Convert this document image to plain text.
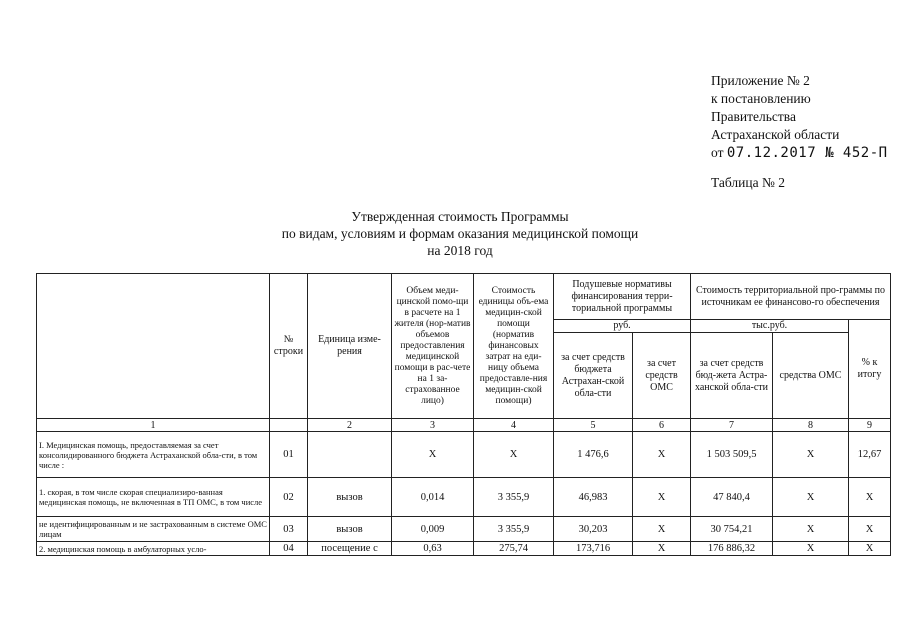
Приложение № 2
к постановлению
Правительства
Астраханской области
от 07.12.2017 № 452-П
Таблица № 2
Утвержденная стоимость Программы
по видам, условиям и формам оказания медицинской помощи
на 2018 год
	№ строки	Единица изме-рения	Объем меди-цинской помо-щи в расчете на 1 жителя (нор-матив объемов предоставления медицинской помощи в рас-чете на 1 за-страхованное лицо)	Стоимость единицы объ-ема медицин-ской помощи (норматив финансовых затрат на еди-ницу объема предоставле-ния медицин-ской помощи)	Подушевые нормативы финансирования терри-ториальной программы		Стоимость территориальной про-граммы по источникам ее финансово-го обеспечения		
					руб.		тыс.руб.		% к итогу
					за счет средств бюджета Астрахан-ской обла-сти	за счет средств ОМС	за счет средств бюд-жета Астра-ханской обла-сти	средства ОМС	
1		2	3	4	5	6	7	8	9
I. Медицинская помощь, предоставляемая за счет консолидированного бюджета Астраханской обла-сти, в том числе :	01		Х	Х	1 476,6	Х	1 503 509,5	Х	12,67
1. скорая, в том числе скорая специализиро-ванная медицинская помощь, не включенная в ТП ОМС, в том числе	02	вызов	0,014	3 355,9	46,983	Х	47 840,4	Х	Х
не идентифицированным и не застрахованным в системе ОМС лицам	03	вызов	0,009	3 355,9	30,203	Х	30 754,21	Х	Х
2. медицинская помощь в амбулаторных усло-	04	посещение с	0,63	275,74	173,716	Х	176 886,32	Х	Х
